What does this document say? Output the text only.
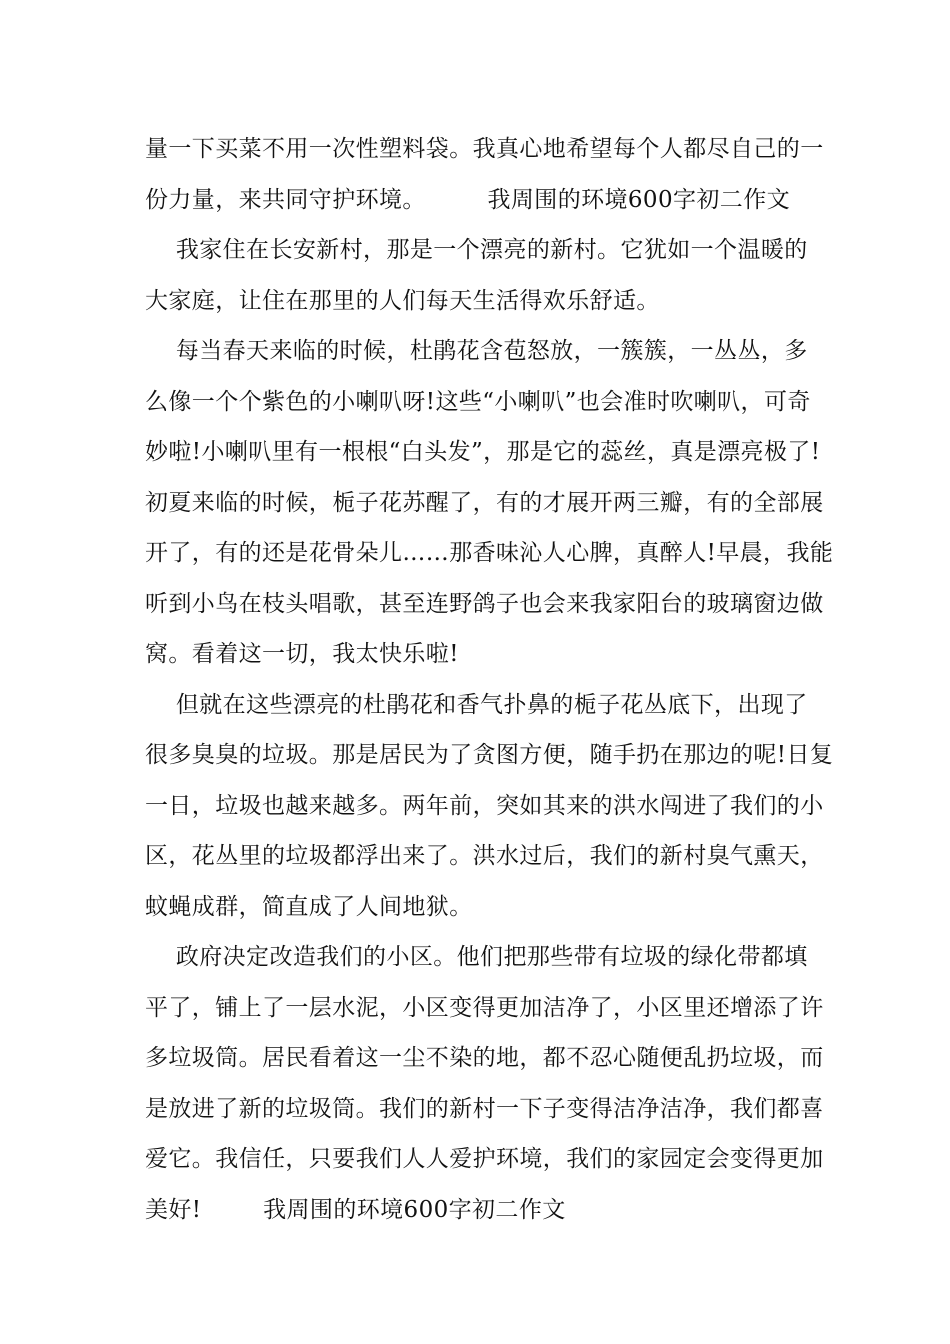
量一下买菜不用一次性塑料袋。我真心地希望每个人都尽自己的一
份力量，来共同守护环境。        我周围的环境600字初二作文
我家住在长安新村，那是一个漂亮的新村。它犹如一个温暖的
大家庭，让住在那里的人们每天生活得欢乐舒适。
每当春天来临的时候，杜鹃花含苞怒放，一簇簇，一丛丛，多
么像一个个紫色的小喇叭呀!这些“小喇叭”也会准时吹喇叭，可奇
妙啦!小喇叭里有一根根“白头发”，那是它的蕊丝，真是漂亮极了!
初夏来临的时候，栀子花苏醒了，有的才展开两三瓣，有的全部展
开了，有的还是花骨朵儿……那香味沁人心脾，真醉人!早晨，我能
听到小鸟在枝头唱歌，甚至连野鸽子也会来我家阳台的玻璃窗边做
窝。看着这一切，我太快乐啦!
但就在这些漂亮的杜鹃花和香气扑鼻的栀子花丛底下，出现了
很多臭臭的垃圾。那是居民为了贪图方便，随手扔在那边的呢!日复
一日，垃圾也越来越多。两年前，突如其来的洪水闯进了我们的小
区，花丛里的垃圾都浮出来了。洪水过后，我们的新村臭气熏天，
蚊蝇成群，简直成了人间地狱。
政府决定改造我们的小区。他们把那些带有垃圾的绿化带都填
平了，铺上了一层水泥，小区变得更加洁净了，小区里还增添了许
多垃圾筒。居民看着这一尘不染的地，都不忍心随便乱扔垃圾，而
是放进了新的垃圾筒。我们的新村一下子变得洁净洁净，我们都喜
爱它。我信任，只要我们人人爱护环境，我们的家园定会变得更加
美好!        我周围的环境600字初二作文
